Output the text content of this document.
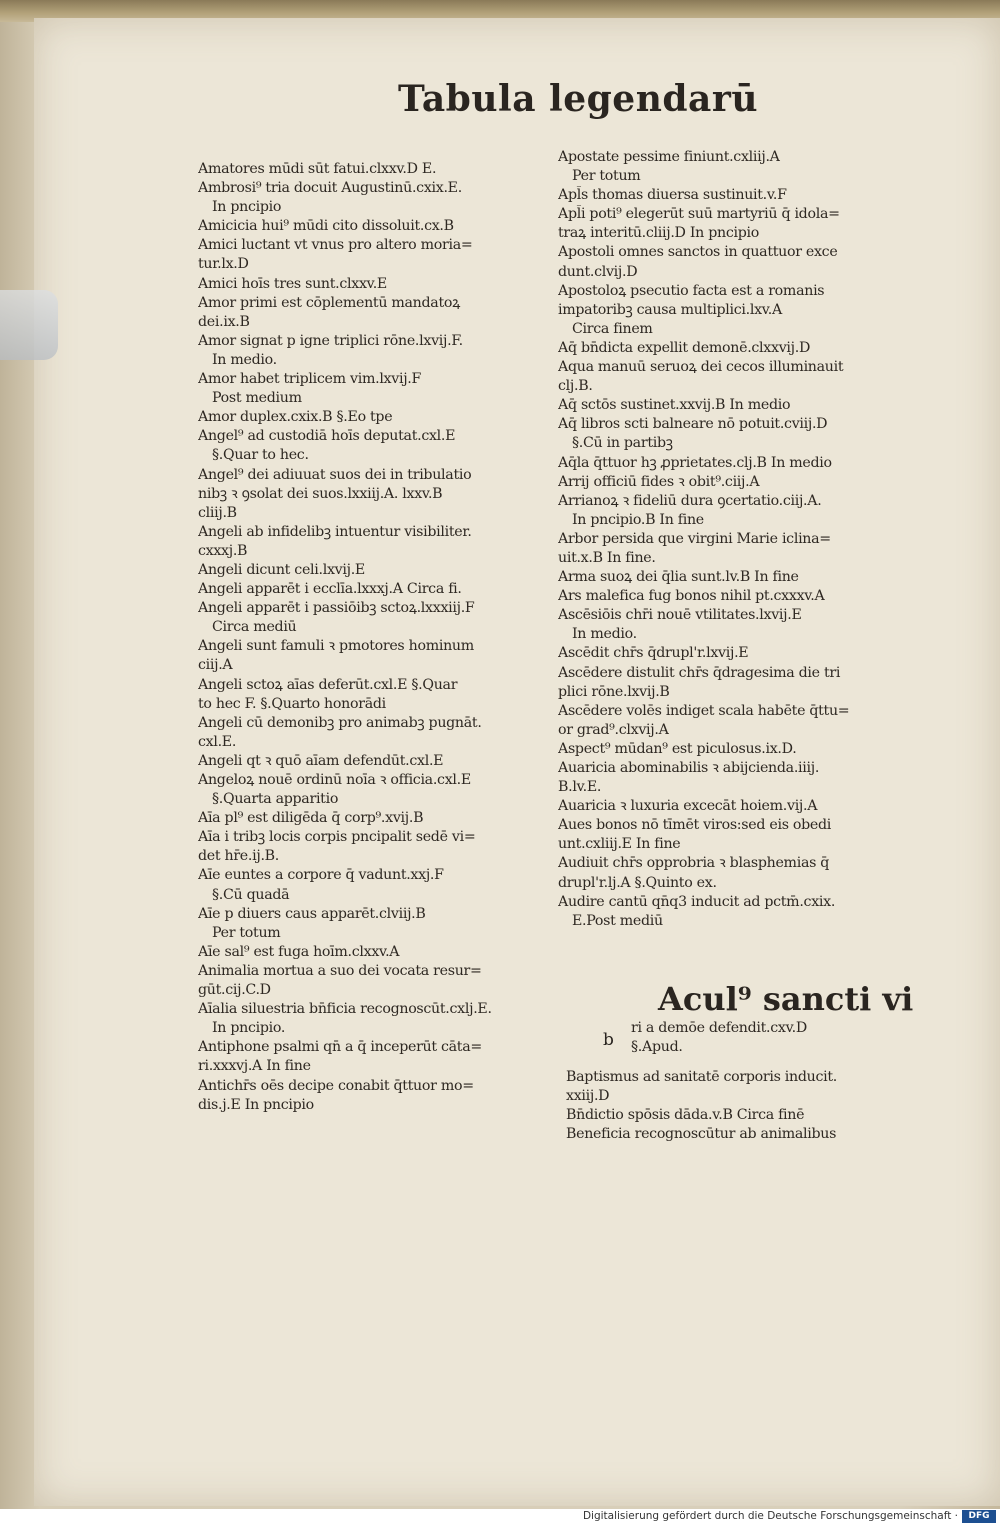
Tabula legendarū
Amatores mūdi sūt fatui.clxxv.D E.
Ambrosi⁹ tria docuit Augustinū.cxix.E.
In pncipio
Amicicia hui⁹ mūdi cito dissoluit.cx.B
Amici luctant vt vnus pro altero moria=
tur.lx.D
Amici hoīs tres sunt.clxxv.E
Amor primi est cōplementū mandatoꝝ
dei.ix.B
Amor signat p igne triplici rōne.lxvij.F.
In medio.
Amor habet triplicem vim.lxvij.F
Post medium
Amor duplex.cxix.B §.Eo tpe
Angel⁹ ad custodiā hoīs deputat.cxl.E
§.Quar to hec.
Angel⁹ dei adiuuat suos dei in tribulatio
nibꝫ ꝛ ꝯsolat dei suos.lxxiij.A. lxxv.B
cliij.B
Angeli ab infidelibꝫ intuentur visibiliter.
cxxxj.B
Angeli dicunt celi.lxvij.E
Angeli apparēt i ecclīa.lxxxj.A Circa fi.
Angeli apparēt i passiōibꝫ sctoꝝ.lxxxiij.F
Circa mediū
Angeli sunt famuli ꝛ pmotores hominum
ciij.A
Angeli sctoꝝ aīas deferūt.cxl.E §.Quar
to hec F. §.Quarto honorādi
Angeli cū demonibꝫ pro animabꝫ pugnāt.
cxl.E.
Angeli qt ꝛ quō aīam defendūt.cxl.E
Angeloꝝ nouē ordinū noīa ꝛ officia.cxl.E
§.Quarta apparitio
Aīa pl⁹ est diligēda q̄ corp⁹.xvij.B
Aīa i tribꝫ locis corpis pncipalit sedē vi=
det hr̄e.ij.B.
Aīe euntes a corpore q̄ vadunt.xxj.F
§.Cū quadā
Aīe p diuers caus apparēt.clviij.B
Per totum
Aīe sal⁹ est fuga hoīm.clxxv.A
Animalia mortua a suo dei vocata resur=
gūt.cij.C.D
Aīalia siluestria bn̄ficia recognoscūt.cxlj.E.
In pncipio.
Antiphone psalmi qn̄ a q̄ inceperūt cāta=
ri.xxxvj.A In fine
Antichr̄s oēs decipe conabit q̄ttuor mo=
dis.j.E In pncipio
Apostate pessime finiunt.cxliij.A
Per totum
Apl̄s thomas diuersa sustinuit.v.F
Apl̄i poti⁹ elegerūt suū martyriū q̄ idola=
traꝝ interitū.cliij.D In pncipio
Apostoli omnes sanctos in quattuor exce
dunt.clvij.D
Apostoloꝝ psecutio facta est a romanis
impatoribꝫ causa multiplici.lxv.A
Circa finem
Aq̄ bn̄dicta expellit demonē.clxxvij.D
Aqua manuū seruoꝝ dei cecos illuminauit
clj.B.
Aq̄ sctōs sustinet.xxvij.B In medio
Aq̄ libros scti balneare nō potuit.cviij.D
§.Cū in partibꝫ
Aq̄la q̄ttuor hꝫ ꝓprietates.clj.B In medio
Arrij officiū fides ꝛ obit⁹.ciij.A
Arrianoꝝ ꝛ fideliū dura ꝯcertatio.ciij.A.
In pncipio.B In fine
Arbor persida que virgini Marie iclina=
uit.x.B In fine.
Arma suoꝝ dei q̄lia sunt.lv.B In fine
Ars malefica fug bonos nihil pt.cxxxv.A
Ascēsiōis chr̄i nouē vtilitates.lxvij.E
In medio.
Ascēdit chr̄s q̄drupl'r.lxvij.E
Ascēdere distulit chr̄s q̄dragesima die tri
plici rōne.lxvij.B
Ascēdere volēs indiget scala habēte q̄ttu=
or grad⁹.clxvij.A
Aspect⁹ mūdan⁹ est piculosus.ix.D.
Auaricia abominabilis ꝛ abijcienda.iiij.
B.lv.E.
Auaricia ꝛ luxuria excecāt hoiem.vij.A
Aues bonos nō tīmēt viros:sed eis obedi
unt.cxliij.E In fine
Audiuit chr̄s opprobria ꝛ blasphemias q̄
drupl'r.lj.A §.Quinto ex.
Audire cantū qn̄q3 inducit ad pctm̄.cxix.
E.Post mediū
Acul⁹ sancti vi
b
ri a demōe defendit.cxv.D
§.Apud.
Baptismus ad sanitatē corporis inducit.
xxiij.D
Bn̄dictio spōsis dāda.v.B Circa finē
Beneficia recognoscūtur ab animalibus
Digitalisierung gefördert durch die Deutsche Forschungsgemeinschaft ·	DFG
